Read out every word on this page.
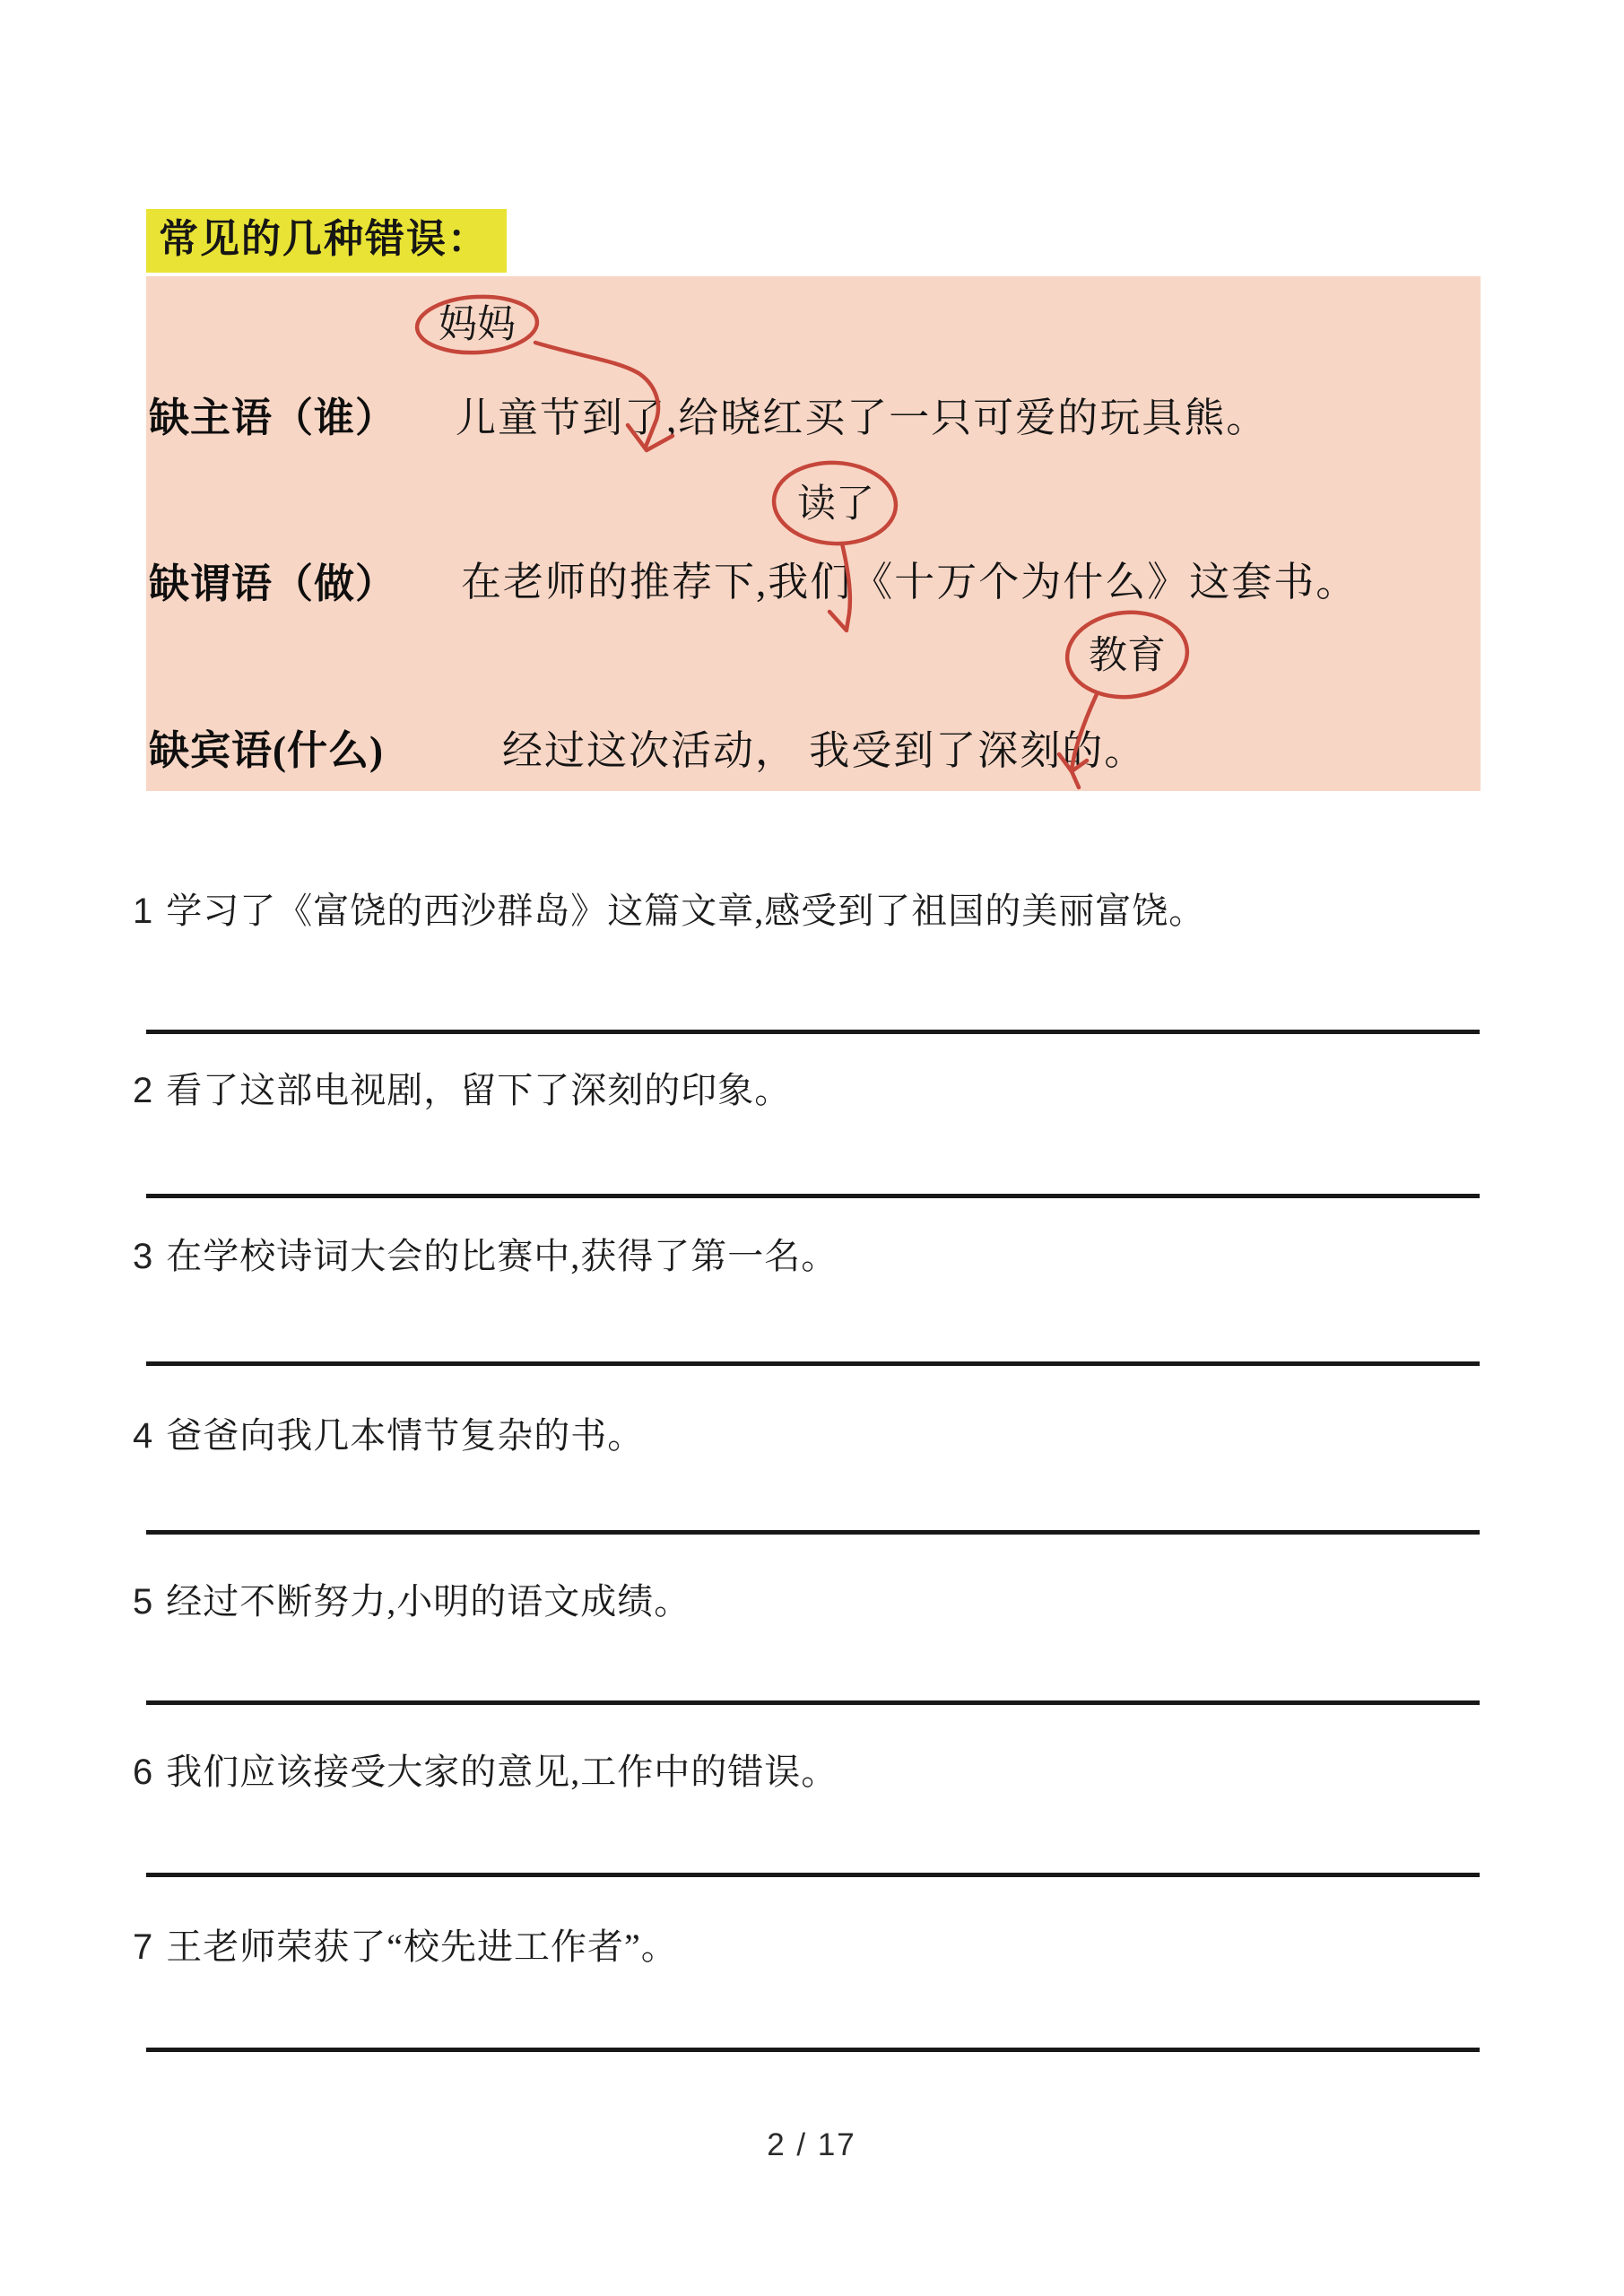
常见的几种错误：
缺主语（谁） 儿童节到了,给晓红买了一只可爱的玩具熊。
妈妈
缺谓语（做） 在老师的推荐下,我们《十万个为什么》这套书。
读了
缺宾语(什么)	经过这次活动， 我受到了深刻的。
教育
1 学习了《富饶的西沙群岛》这篇文章,感受到了祖国的美丽富饶。
2 看了这部电视剧，留下了深刻的印象。
3 在学校诗词大会的比赛中,获得了第一名。
4 爸爸向我几本情节复杂的书。
5 经过不断努力,小明的语文成绩。
6 我们应该接受大家的意见,工作中的错误。
7 王老师荣获了“校先进工作者”。
2 / 17
